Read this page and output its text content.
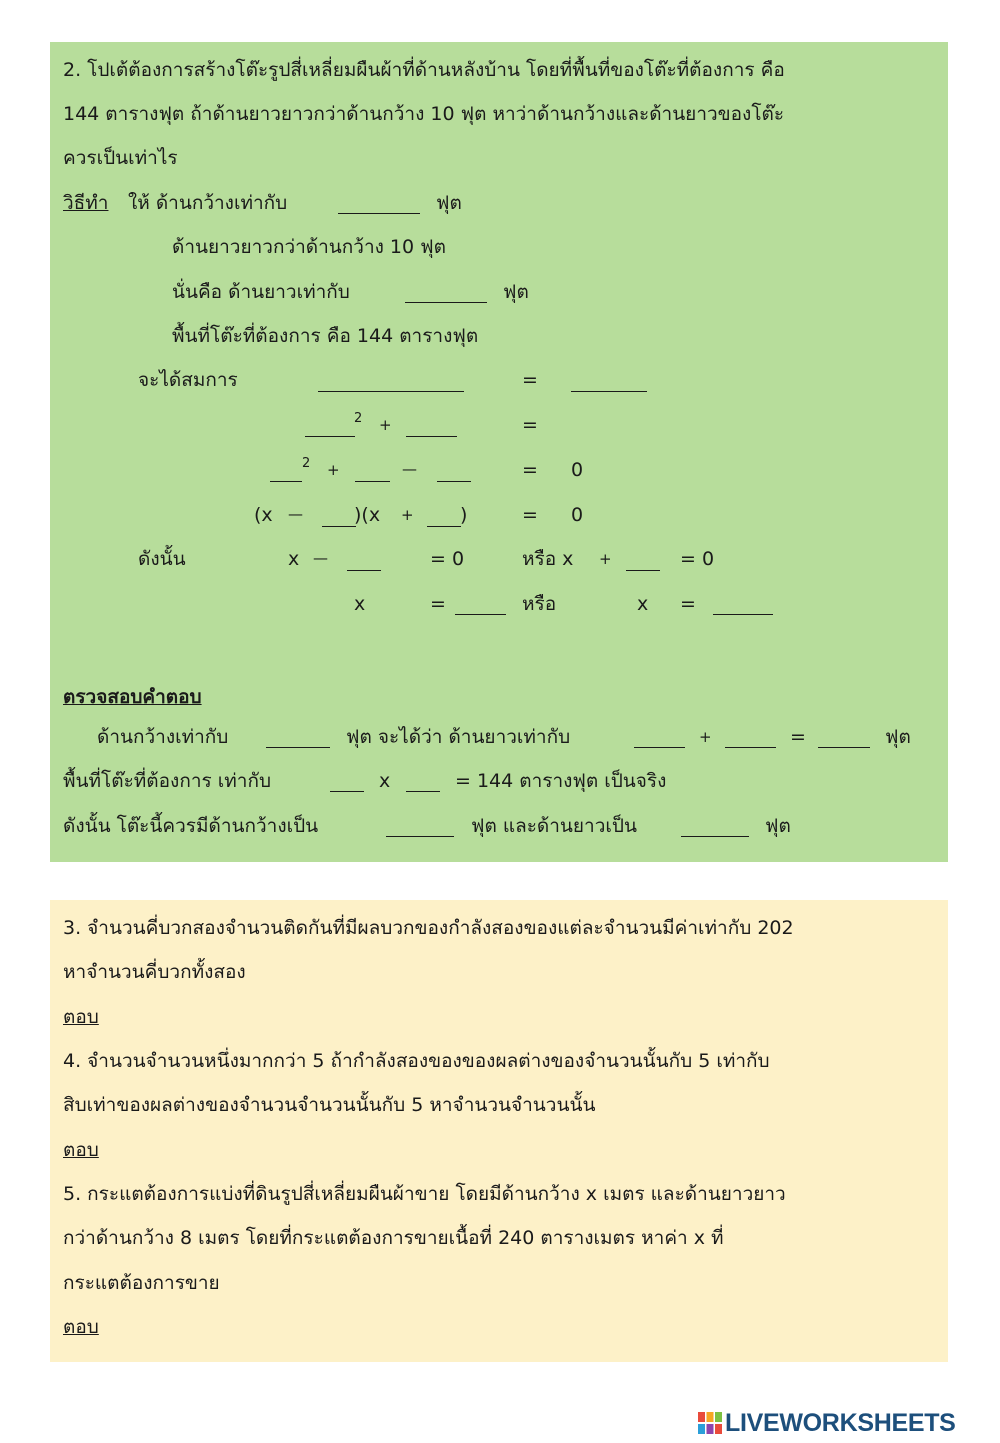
2. โปเต้ต้องการสร้างโต๊ะรูปสี่เหลี่ยมผืนผ้าที่ด้านหลังบ้าน โดยที่พื้นที่ของโต๊ะที่ต้องการ คือ
144 ตารางฟุต ถ้าด้านยาวยาวกว่าด้านกว้าง 10 ฟุต หาว่าด้านกว้างและด้านยาวของโต๊ะ
ควรเป็นเท่าไร
วิธีทำ ให้ ด้านกว้างเท่ากับ	ฟุต
ด้านยาวยาวกว่าด้านกว้าง 10 ฟุต
นั่นคือ ด้านยาวเท่ากับ	ฟุต
พื้นที่โต๊ะที่ต้องการ คือ 144 ตารางฟุต
จะได้สมการ	=
2 +	=
2 +	—	= 0
(x —	)(x + )	= 0
ดังนั้น	x —	= 0	หรือ x +	= 0
x	=	หรือ	x =
ตรวจสอบคำตอบ
ด้านกว้างเท่ากับ	ฟุต จะได้ว่า ด้านยาวเท่ากับ	+	=	ฟุต
พื้นที่โต๊ะที่ต้องการ เท่ากับ	x	= 144 ตารางฟุต เป็นจริง
ดังนั้น โต๊ะนี้ควรมีด้านกว้างเป็น	ฟุต และด้านยาวเป็น	ฟุต
3. จำนวนคี่บวกสองจำนวนติดกันที่มีผลบวกของกำลังสองของแต่ละจำนวนมีค่าเท่ากับ 202
หาจำนวนคี่บวกทั้งสอง
ตอบ
4. จำนวนจำนวนหนึ่งมากกว่า 5 ถ้ากำลังสองของของผลต่างของจำนวนนั้นกับ 5 เท่ากับ
สิบเท่าของผลต่างของจำนวนจำนวนนั้นกับ 5 หาจำนวนจำนวนนั้น
ตอบ
5. กระแตต้องการแบ่งที่ดินรูปสี่เหลี่ยมผืนผ้าขาย โดยมีด้านกว้าง x เมตร และด้านยาวยาว
กว่าด้านกว้าง 8 เมตร โดยที่กระแตต้องการขายเนื้อที่ 240 ตารางเมตร หาค่า x ที่
กระแตต้องการขาย
ตอบ
LIVEWORKSHEETS
